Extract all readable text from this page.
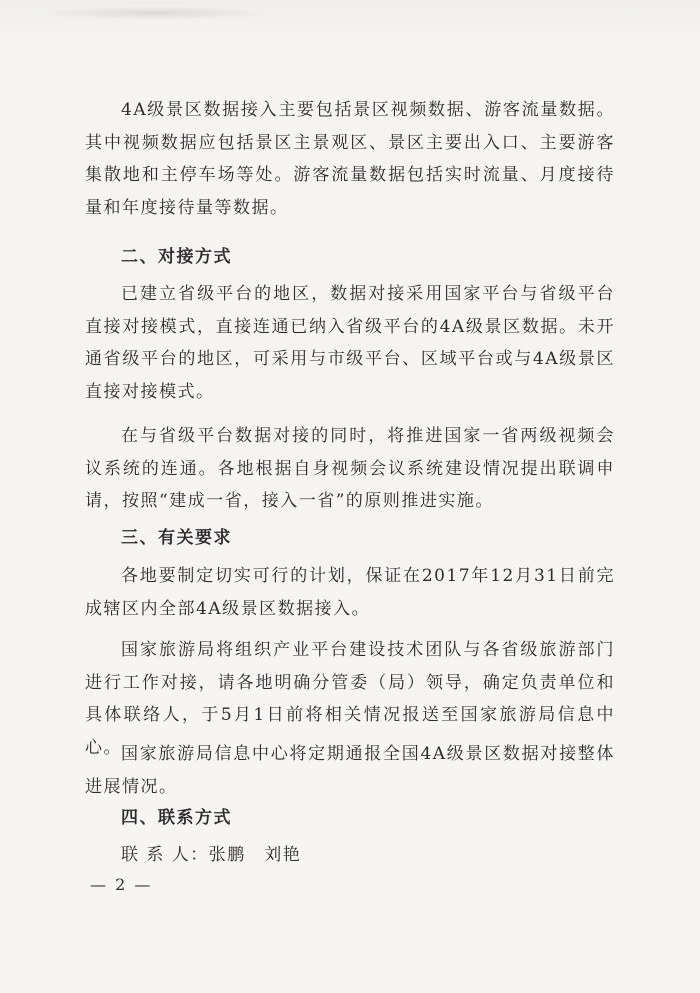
4A级景区数据接入主要包括景区视频数据、游客流量数据。其中视频数据应包括景区主景观区、景区主要出入口、主要游客集散地和主停车场等处。游客流量数据包括实时流量、月度接待量和年度接待量等数据。

二、对接方式

已建立省级平台的地区，数据对接采用国家平台与省级平台直接对接模式，直接连通已纳入省级平台的4A级景区数据。未开通省级平台的地区，可采用与市级平台、区域平台或与4A级景区直接对接模式。

在与省级平台数据对接的同时，将推进国家一省两级视频会议系统的连通。各地根据自身视频会议系统建设情况提出联调申请，按照“建成一省，接入一省”的原则推进实施。

三、有关要求

各地要制定切实可行的计划，保证在2017年12月31日前完成辖区内全部4A级景区数据接入。

国家旅游局将组织产业平台建设技术团队与各省级旅游部门进行工作对接，请各地明确分管委（局）领导，确定负责单位和具体联络人，于5月1日前将相关情况报送至国家旅游局信息中心。 国家旅游局信息中心将定期通报全国4A级景区数据对接整体进展情况。

四、联系方式
联 系 人：张鹏　刘艳
— 2 —
